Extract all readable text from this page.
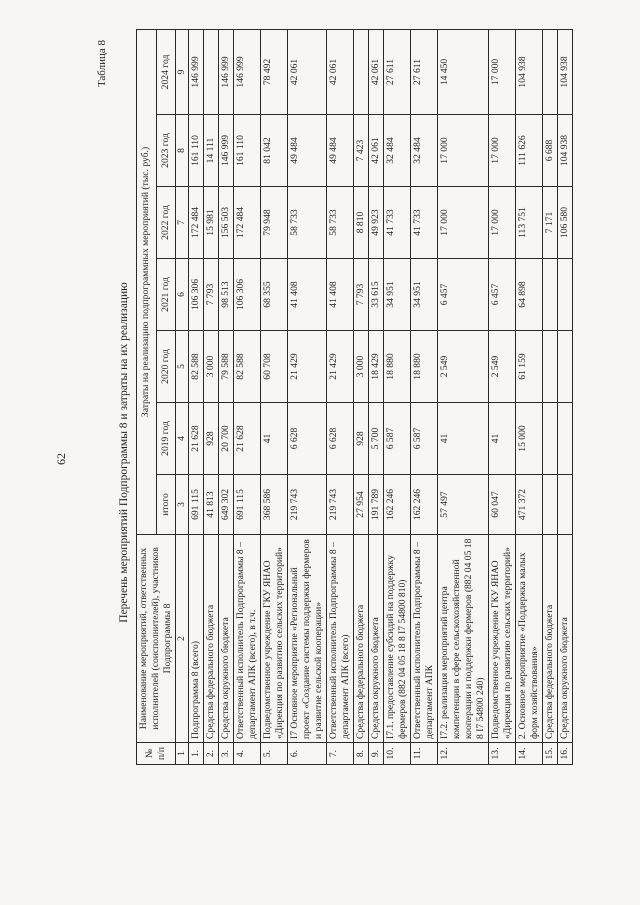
62
Таблица 8
Перечень мероприятий Подпрограммы 8 и затраты на их реализацию
№ п/п	Наименование мероприятий, ответственных исполнителей (соисполнителей), участников Подпрограммы 8	Затраты на реализацию подпрограммных мероприятий (тыс. руб.)						
		итого	2019 год	2020 год	2021 год	2022 год	2023 год	2024 год
1	2	3	4	5	6	7	8	9
1.	Подпрограмма 8 (всего)	691 115	21 628	82 588	106 306	172 484	161 110	146 999
2.	Средства федерального бюджета	41 813	928	3 000	7 793	15 981	14 111	
3.	Средства окружного бюджета	649 302	20 700	79 588	98 513	156 503	146 999	146 999
4.	Ответственный исполнитель Подпрограммы 8 – департамент АПК (всего), в т.ч.	691 115	21 628	82 588	106 306	172 484	161 110	146 999
5.	Подведомственное учреждение ГКУ ЯНАО «Дирекция по развитию сельских территорий»	368 586	41	60 708	68 355	79 948	81 042	78 492
6.	I7 Основное мероприятие «Региональный проект «Создание системы поддержки фермеров и развитие сельской кооперации»	219 743	6 628	21 429	41 408	58 733	49 484	42 061
7.	Ответственный исполнитель Подпрограммы 8 – департамент АПК (всего)	219 743	6 628	21 429	41 408	58 733	49 484	42 061
8.	Средства федерального бюджета	27 954	928	3 000	7 793	8 810	7 423	
9.	Средства окружного бюджета	191 789	5 700	18 429	33 615	49 923	42 061	42 061
10.	I7.1. предоставление субсидий на поддержку фермеров (882 04 05 18 8 I7 54800 810)	162 246	6 587	18 880	34 951	41 733	32 484	27 611
11.	Ответственный исполнитель Подпрограммы 8 – департамент АПК	162 246	6 587	18 880	34 951	41 733	32 484	27 611
12.	I7.2. реализация мероприятий центра компетенции в сфере сельскохозяйственной кооперации и поддержки фермеров (882 04 05 18 8 I7 54800 240)	57 497	41	2 549	6 457	17 000	17 000	14 450
13.	Подведомственное учреждение ГКУ ЯНАО «Дирекция по развитию сельских территорий»	60 047	41	2 549	6 457	17 000	17 000	17 000
14.	2. Основное мероприятие «Поддержка малых форм хозяйствования»	471 372	15 000	61 159	64 898	113 751	111 626	104 938
15.	Средства федерального бюджета					7 171	6 688	
16.	Средства окружного бюджета					106 580	104 938	104 938
